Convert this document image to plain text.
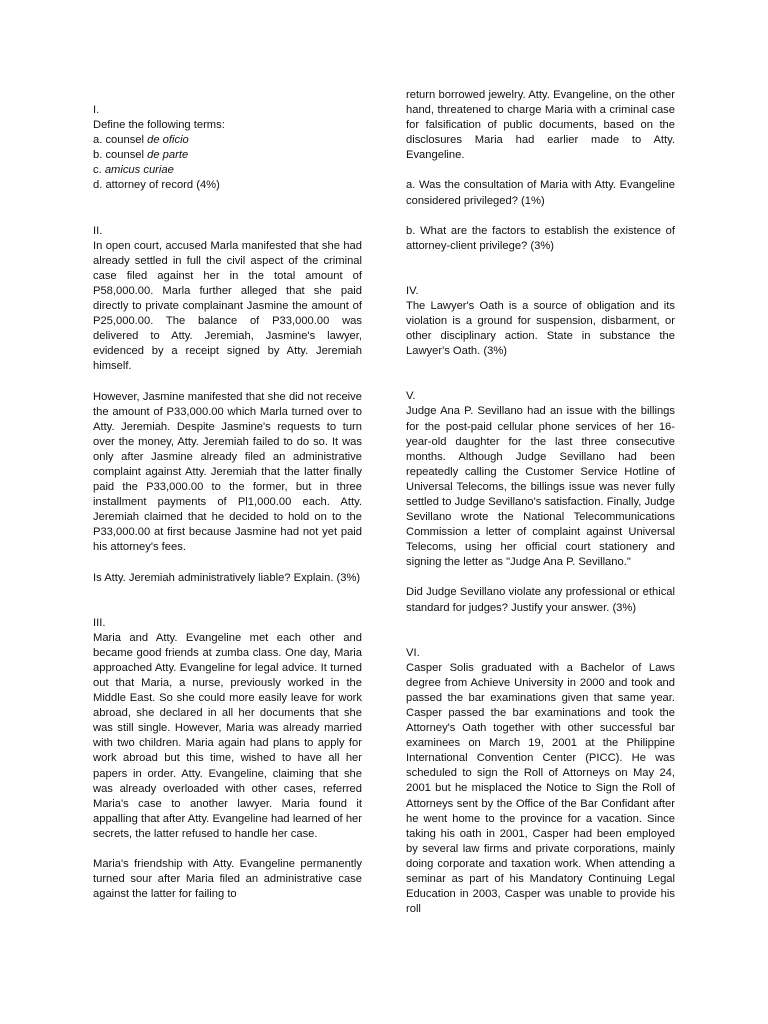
I.

Define the following terms:

a. counsel de oficio

b. counsel de parte

c. amicus curiae

d. attorney of record (4%)

II.

In open court, accused Marla manifested that she had already settled in full the civil aspect of the criminal case filed against her in the total amount of P58,000.00. Marla further alleged that she paid directly to private complainant Jasmine the amount of P25,000.00. The balance of P33,000.00 was delivered to Atty. Jeremiah, Jasmine's lawyer, evidenced by a receipt signed by Atty. Jeremiah himself.

However, Jasmine manifested that she did not receive the amount of P33,000.00 which Marla turned over to Atty. Jeremiah. Despite Jasmine's requests to turn over the money, Atty. Jeremiah failed to do so. It was only after Jasmine already filed an administrative complaint against Atty. Jeremiah that the latter finally paid the P33,000.00 to the former, but in three installment payments of Pl1,000.00 each. Atty. Jeremiah claimed that he decided to hold on to the P33,000.00 at first because Jasmine had not yet paid his attorney's fees.

Is Atty. Jeremiah administratively liable? Explain. (3%)

III.

Maria and Atty. Evangeline met each other and became good friends at zumba class. One day, Maria approached Atty. Evangeline for legal advice. It turned out that Maria, a nurse, previously worked in the Middle East. So she could more easily leave for work abroad, she declared in all her documents that she was still single. However, Maria was already married with two children. Maria again had plans to apply for work abroad but this time, wished to have all her papers in order. Atty. Evangeline, claiming that she was already overloaded with other cases, referred Maria's case to another lawyer. Maria found it appalling that after Atty. Evangeline had learned of her secrets, the latter refused to handle her case.

Maria's friendship with Atty. Evangeline permanently turned sour after Maria filed an administrative case against the latter for failing to

return borrowed jewelry. Atty. Evangeline, on the other hand, threatened to charge Maria with a criminal case for falsification of public documents, based on the disclosures Maria had earlier made to Atty. Evangeline.

a. Was the consultation of Maria with Atty. Evangeline considered privileged? (1%)

b. What are the factors to establish the existence of attorney-client privilege? (3%)

IV.

The Lawyer's Oath is a source of obligation and its violation is a ground for suspension, disbarment, or other disciplinary action. State in substance the Lawyer's Oath. (3%)

V.

Judge Ana P. Sevillano had an issue with the billings for the post-paid cellular phone services of her 16-year-old daughter for the last three consecutive months. Although Judge Sevillano had been repeatedly calling the Customer Service Hotline of Universal Telecoms, the billings issue was never fully settled to Judge Sevillano's satisfaction. Finally, Judge Sevillano wrote the National Telecommunications Commission a letter of complaint against Universal Telecoms, using her official court stationery and signing the letter as "Judge Ana P. Sevillano."

Did Judge Sevillano violate any professional or ethical standard for judges? Justify your answer. (3%)

VI.

Casper Solis graduated with a Bachelor of Laws degree from Achieve University in 2000 and took and passed the bar examinations given that same year. Casper passed the bar examinations and took the Attorney's Oath together with other successful bar examinees on March 19, 2001 at the Philippine International Convention Center (PICC). He was scheduled to sign the Roll of Attorneys on May 24, 2001 but he misplaced the Notice to Sign the Roll of Attorneys sent by the Office of the Bar Confidant after he went home to the province for a vacation. Since taking his oath in 2001, Casper had been employed by several law firms and private corporations, mainly doing corporate and taxation work. When attending a seminar as part of his Mandatory Continuing Legal Education in 2003, Casper was unable to provide his roll
